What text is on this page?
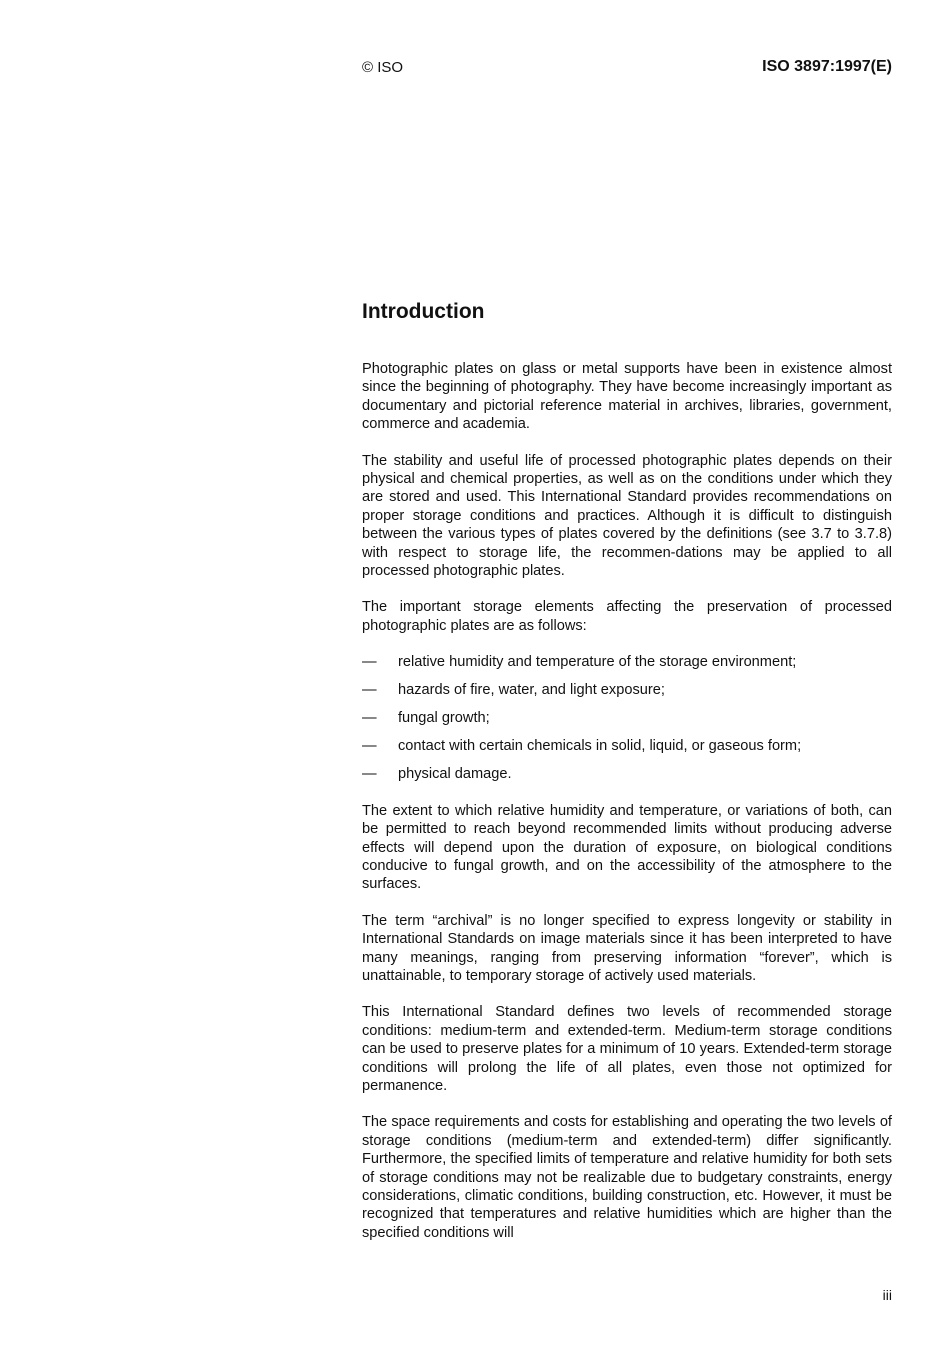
© ISO	ISO 3897:1997(E)
Introduction

Photographic plates on glass or metal supports have been in existence almost since the beginning of photography. They have become increasingly important as documentary and pictorial reference material in archives, libraries, government, commerce and academia.

The stability and useful life of processed photographic plates depends on their physical and chemical properties, as well as on the conditions under which they are stored and used. This International Standard provides recommendations on proper storage conditions and practices. Although it is difficult to distinguish between the various types of plates covered by the definitions (see 3.7 to 3.7.8) with respect to storage life, the recommen-dations may be applied to all processed photographic plates.

The important storage elements affecting the preservation of processed photographic plates are as follows:

—	relative humidity and temperature of the storage environment;
—	hazards of fire, water, and light exposure;
—	fungal growth;
—	contact with certain chemicals in solid, liquid, or gaseous form;
—	physical damage.

The extent to which relative humidity and temperature, or variations of both, can be permitted to reach beyond recommended limits without producing adverse effects will depend upon the duration of exposure, on biological conditions conducive to fungal growth, and on the accessibility of the atmosphere to the surfaces.

The term “archival” is no longer specified to express longevity or stability in International Standards on image materials since it has been interpreted to have many meanings, ranging from preserving information “forever”, which is unattainable, to temporary storage of actively used materials.

This International Standard defines two levels of recommended storage conditions: medium-term and extended-term. Medium-term storage conditions can be used to preserve plates for a minimum of 10 years. Extended-term storage conditions will prolong the life of all plates, even those not optimized for permanence.

The space requirements and costs for establishing and operating the two levels of storage conditions (medium-term and extended-term) differ significantly. Furthermore, the specified limits of temperature and relative humidity for both sets of storage conditions may not be realizable due to budgetary constraints, energy considerations, climatic conditions, building construction, etc. However, it must be recognized that temperatures and relative humidities which are higher than the specified conditions will

iii
